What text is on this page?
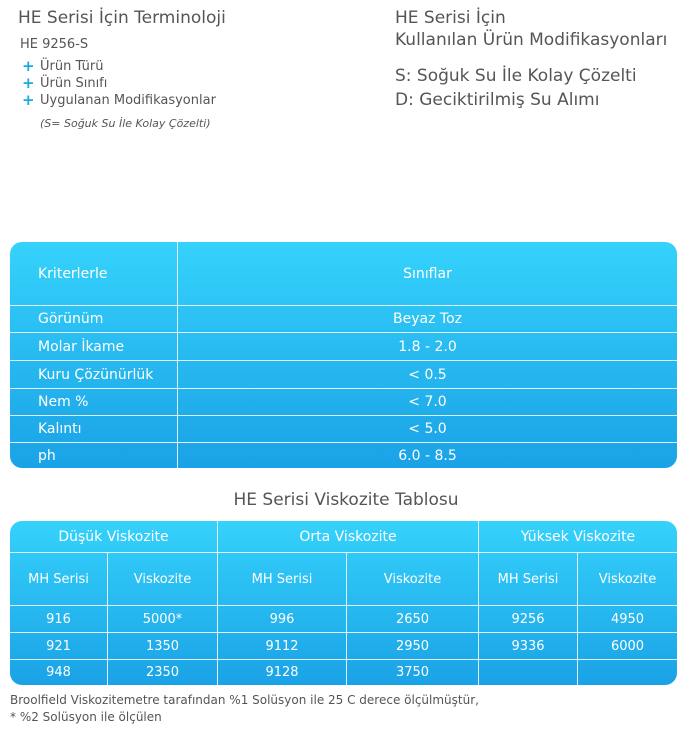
HE Serisi İçin Terminoloji
HE 9256-S
+ Ürün Türü
+ Ürün Sınıfı
+ Uygulanan Modifikasyonlar
(S= Soğuk Su İle Kolay Çözelti)
HE Serisi İçin
Kullanılan Ürün Modifikasyonları
S: Soğuk Su İle Kolay Çözelti
D: Geciktirilmiş Su Alımı
Kriterlerle	Sınıflar
Görünüm	Beyaz Toz
Molar İkame	1.8 - 2.0
Kuru Çözünürlük	< 0.5
Nem %	< 7.0
Kalıntı	< 5.0
ph	6.0 - 8.5
HE Serisi Viskozite Tablosu
Düşük Viskozite	Orta Viskozite	Yüksek Viskozite
MH Serisi	Viskozite	MH Serisi	Viskozite	MH Serisi	Viskozite
916	5000*	996	2650	9256	4950
921	1350	9112	2950	9336	6000
948	2350	9128	3750
Broolfield Viskozitemetre tarafından %1 Solüsyon ile 25 C derece ölçülmüştür,
* %2 Solüsyon ile ölçülen
